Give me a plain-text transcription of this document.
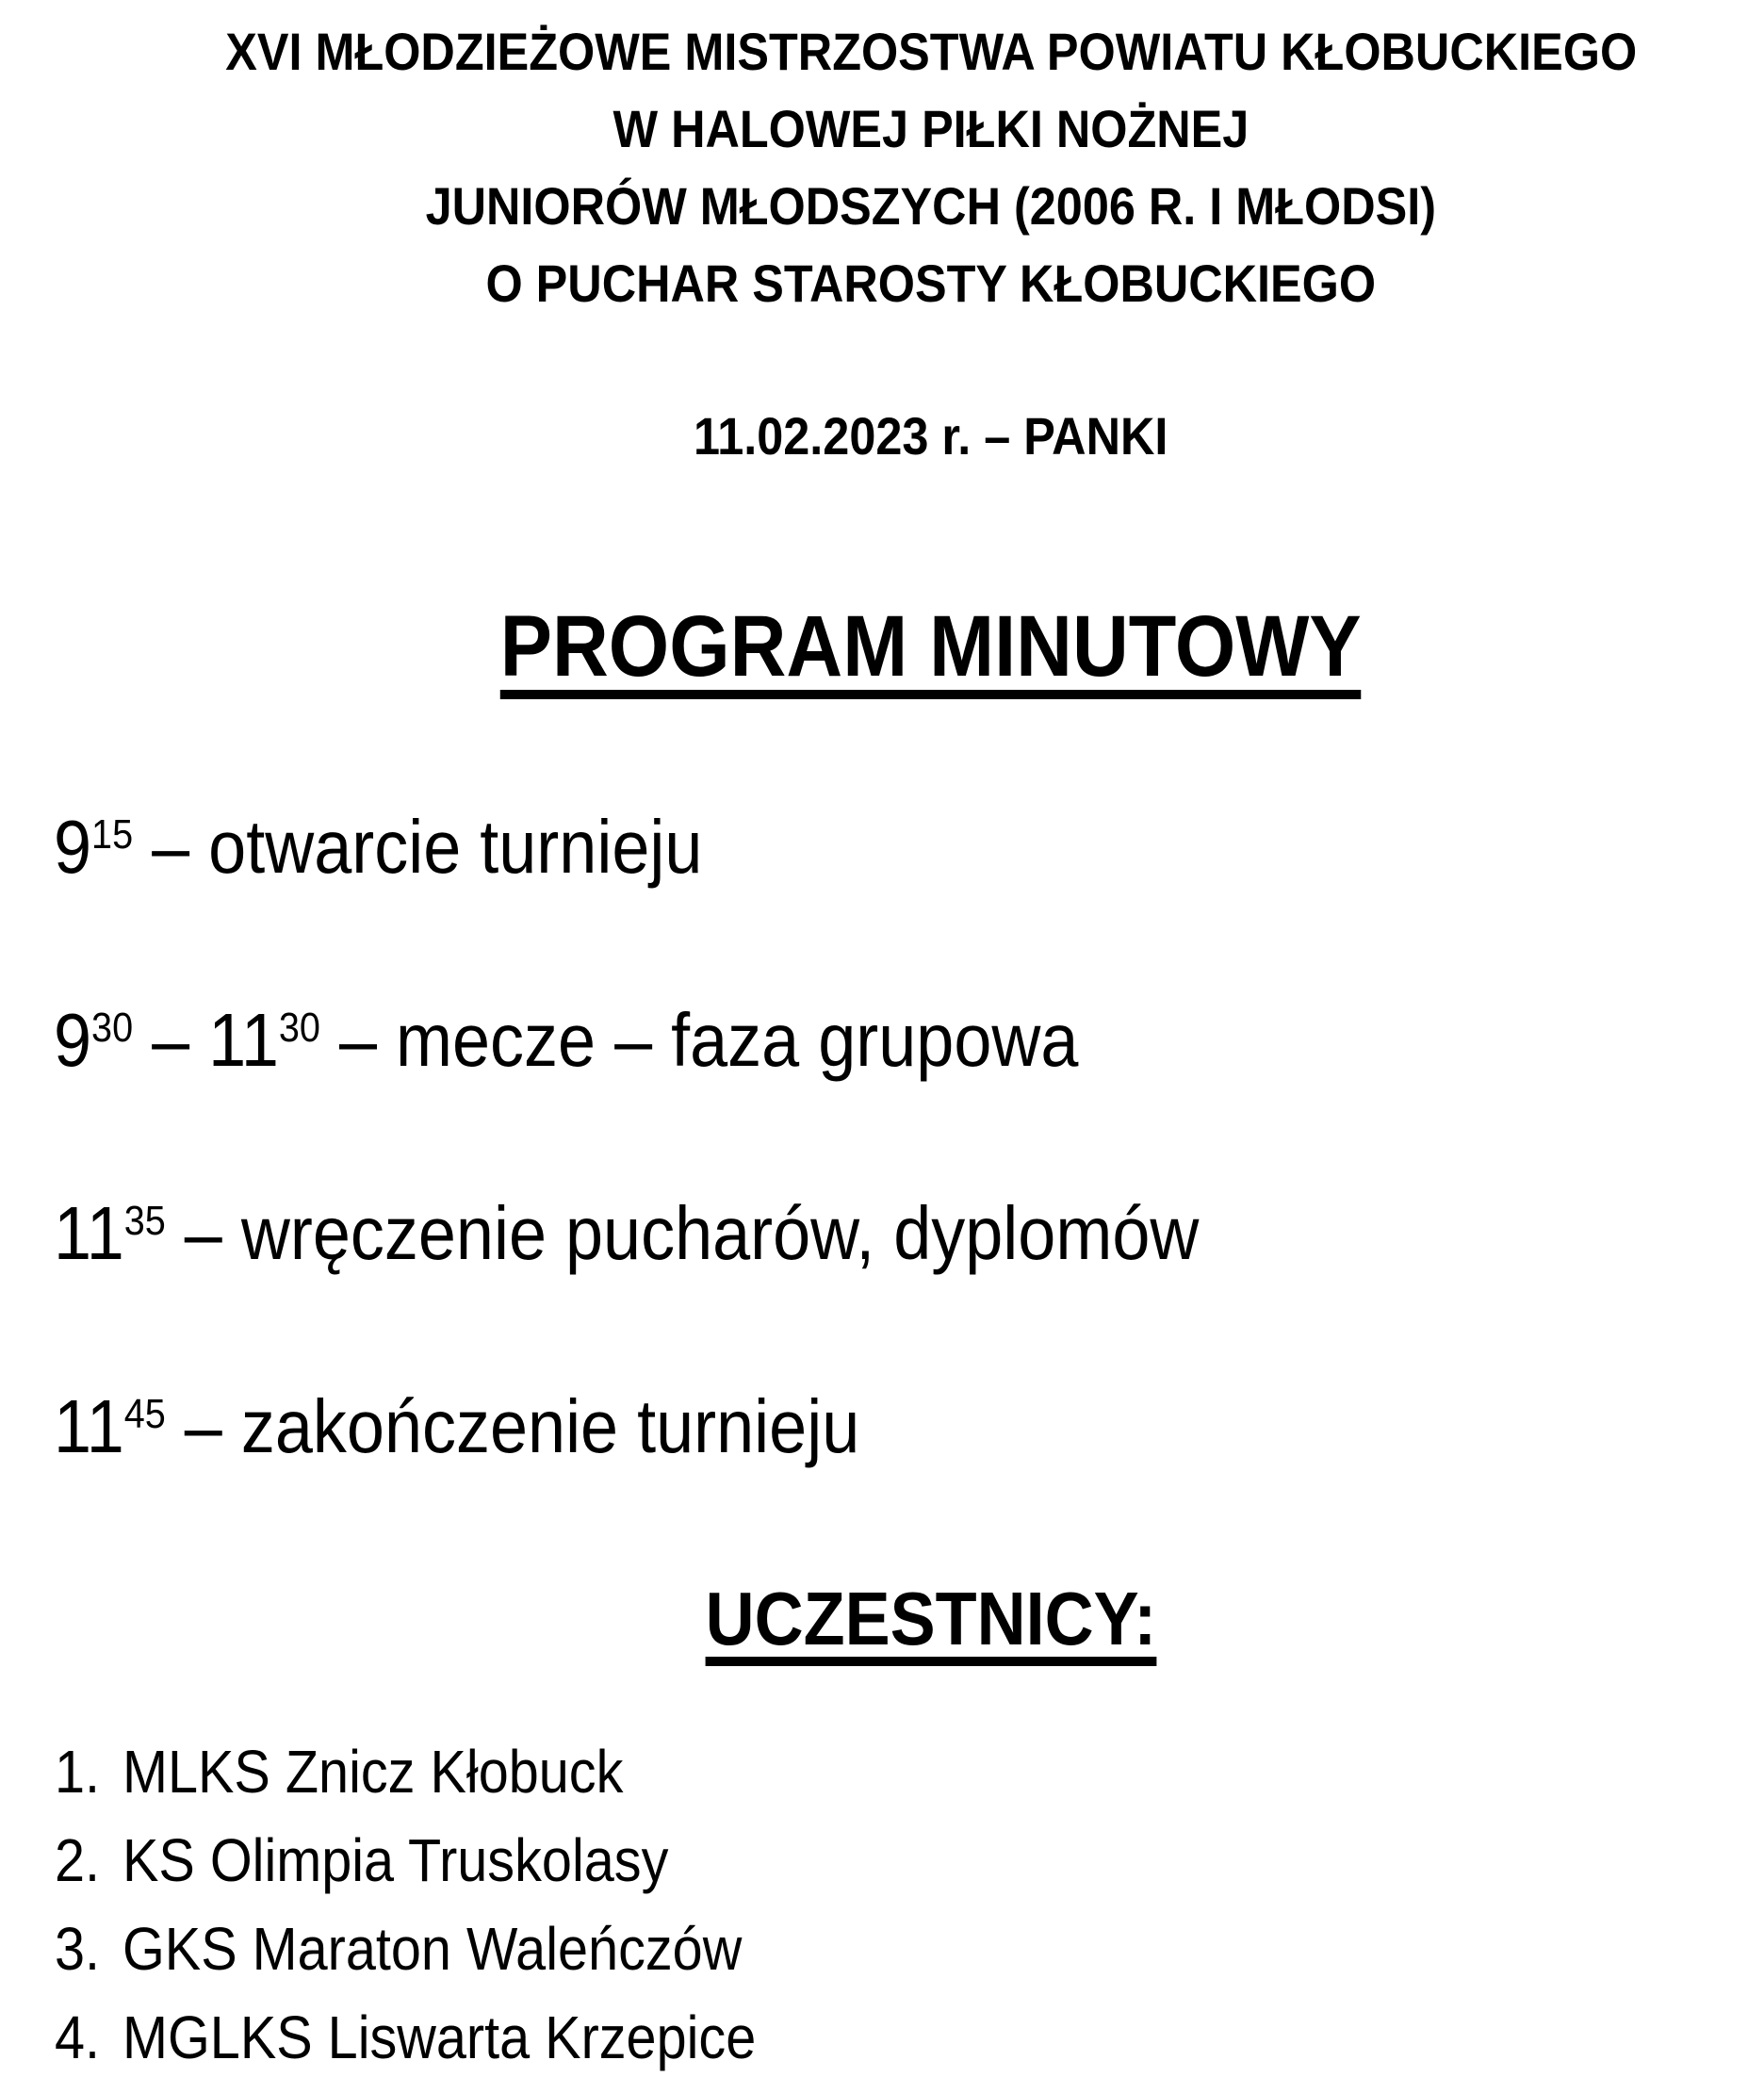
XVI MŁODZIEŻOWE MISTRZOSTWA POWIATU KŁOBUCKIEGO
W HALOWEJ PIŁKI NOŻNEJ
JUNIORÓW MŁODSZYCH (2006 R. I MŁODSI)
O PUCHAR STAROSTY KŁOBUCKIEGO
11.02.2023 r. – PANKI
PROGRAM MINUTOWY

$9^{15}$ – otwarcie turnieju

$9^{30} - 11^{30}$ – mecze – faza grupowa

$11^{35}$ – wręczenie pucharów, dyplomów

$11^{45}$ – zakończenie turnieju

UCZESTNICY:
1. MLKS Znicz Kłobuck
2. KS Olimpia Truskolasy
3. GKS Maraton Waleńczów
4. MGLKS Liswarta Krzepice
